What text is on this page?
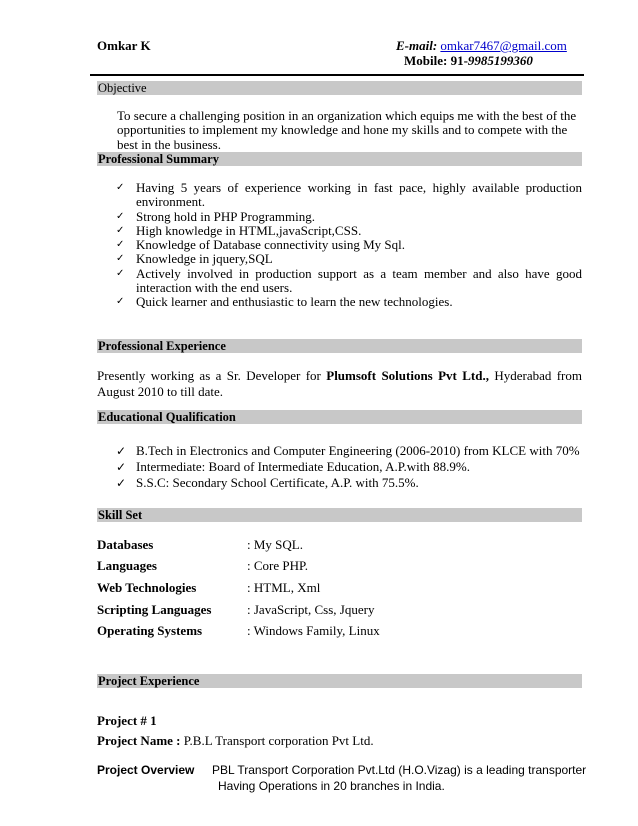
Omkar K	E-mail: omkar7467@gmail.com
Mobile: 91-9985199360
Objective
To secure a challenging position in an organization which equips me with the best of the opportunities to implement my knowledge and hone my skills and to compete with the best in the business.
Professional Summary
✓ Having 5 years of experience working in fast pace, highly available production environment.
✓ Strong hold in PHP Programming.
✓ High knowledge in HTML,javaScript,CSS.
✓ Knowledge of Database connectivity using My Sql.
✓ Knowledge in jquery,SQL
✓ Actively involved in production support as a team member and also have good interaction with the end users.
✓ Quick learner and enthusiastic to learn the new technologies.
Professional Experience
Presently working as a Sr. Developer for Plumsoft Solutions Pvt Ltd., Hyderabad from August 2010 to till date.
Educational Qualification
✓ B.Tech in Electronics and Computer Engineering (2006-2010) from KLCE with 70%
✓ Intermediate: Board of Intermediate Education, A.P.with 88.9%.
✓ S.S.C: Secondary School Certificate, A.P. with 75.5%.
Skill Set
Databases	: My SQL.
Languages	: Core PHP.
Web Technologies	: HTML, Xml
Scripting Languages	: JavaScript, Css, Jquery
Operating Systems	: Windows Family, Linux
Project Experience
Project # 1
Project Name : P.B.L Transport corporation Pvt Ltd.
Project Overview PBL Transport Corporation Pvt.Ltd (H.O.Vizag) is a leading transporter
Having Operations in 20 branches in India.
